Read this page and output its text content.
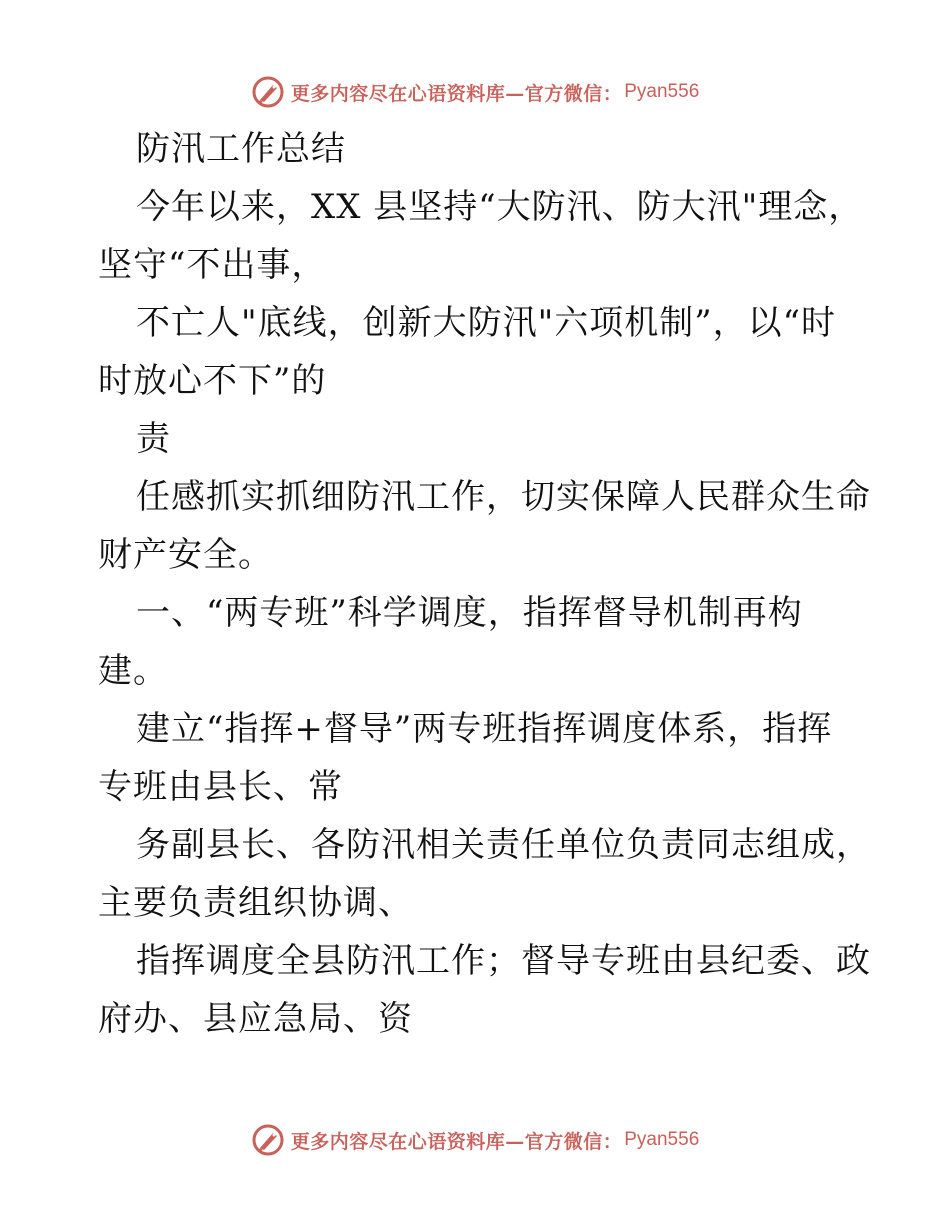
更多内容尽在心语资料库—官方微信： Pyan556
防汛工作总结
今年以来，XX 县坚持“大防汛、防大汛"理念，
坚守“不出事，
不亡人"底线，创新大防汛"六项机制”，以“时
时放心不下”的
责
任感抓实抓细防汛工作，切实保障人民群众生命
财产安全。
一、“两专班”科学调度，指挥督导机制再构
建。
建立“指挥+督导”两专班指挥调度体系，指挥
专班由县长、常
务副县长、各防汛相关责任单位负责同志组成，
主要负责组织协调、
指挥调度全县防汛工作；督导专班由县纪委、政
府办、县应急局、资
更多内容尽在心语资料库—官方微信： Pyan556
